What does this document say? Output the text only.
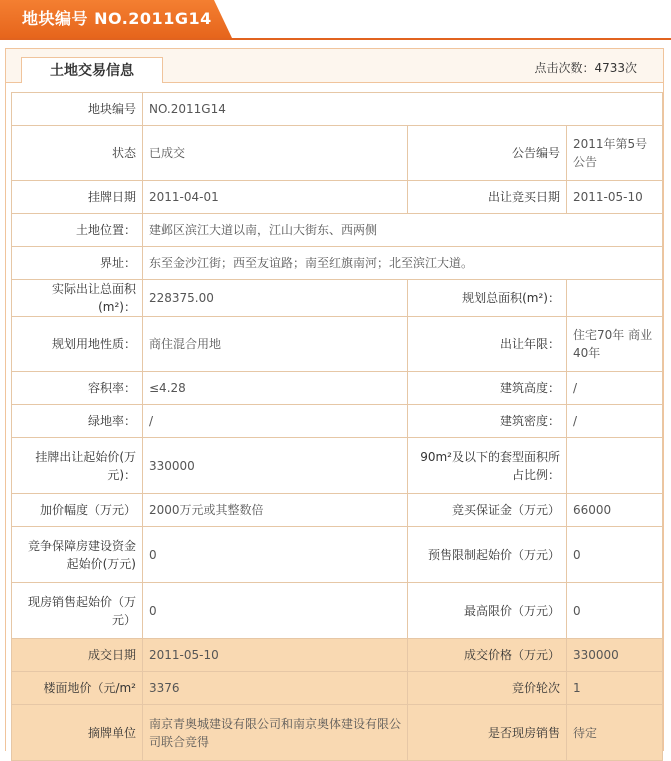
地块编号 NO.2011G14
土地交易信息	点击次数：4733次
地块编号	NO.2011G14		
状态	已成交	公告编号	2011年第5号公告
挂牌日期	2011-04-01	出让竞买日期	2011-05-10
土地位置：	建邺区滨江大道以南，江山大街东、西两侧		
界址：	东至金沙江街；西至友谊路；南至红旗南河；北至滨江大道。		
实际出让总面积(m²)：	228375.00	规划总面积(m²)：	
规划用地性质：	商住混合用地	出让年限：	住宅70年 商业40年
容积率：	≤4.28	建筑高度：	/
绿地率：	/	建筑密度：	/
挂牌出让起始价(万元)：	330000	90m²及以下的套型面积所占比例：	
加价幅度（万元）	2000万元或其整数倍	竞买保证金（万元）	66000
竞争保障房建设资金起始价(万元)	0	预售限制起始价（万元）	0
现房销售起始价（万元）	0	最高限价（万元）	0
成交日期	2011-05-10	成交价格（万元）	330000
楼面地价（元/m²	3376	竞价轮次	1
摘牌单位	南京青奥城建设有限公司和南京奥体建设有限公司联合竞得	是否现房销售	待定
